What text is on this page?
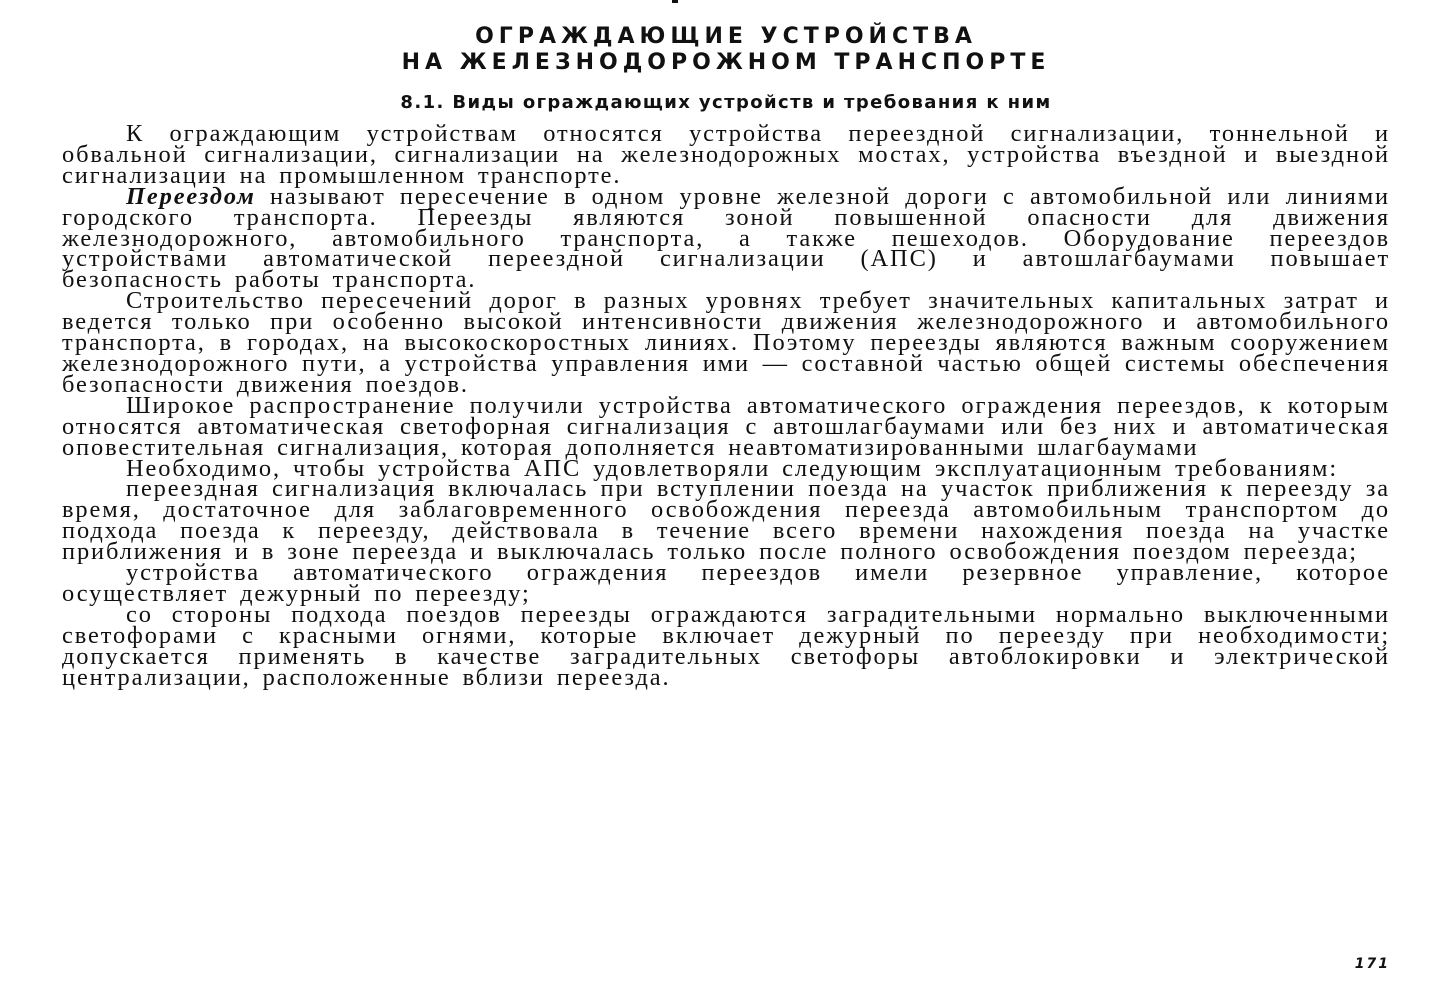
ОГРАЖДАЮЩИЕ УСТРОЙСТВА
НА ЖЕЛЕЗНОДОРОЖНОМ ТРАНСПОРТЕ
8.1. Виды ограждающих устройств и требования к ним

К ограждающим устройствам относятся устройства переездной сигнализации, тоннельной и обвальной сигнализации, сигнализации на железнодорожных мостах, устройства въездной и выездной сигнализации на промышленном транспорте.

Переездом называют пересечение в одном уровне железной дороги с автомобильной или линиями городского транспорта. Переезды являются зоной повышенной опасности для движения железнодорожного, автомобильного транспорта, а также пешеходов. Оборудование переездов устройствами автоматической переездной сигнализации (АПС) и автошлагбаумами повышает безопасность работы транспорта.

Строительство пересечений дорог в разных уровнях требует значительных капитальных затрат и ведется только при особенно высокой интенсивности движения железнодорожного и автомобильного транспорта, в городах, на высокоскоростных линиях. Поэтому переезды являются важным сооружением железнодорожного пути, а устройства управления ими — составной частью общей системы обеспечения безопасности движения поездов.

Широкое распространение получили устройства автоматического ограждения переездов, к которым относятся автоматическая светофорная сигнализация с автошлагбаумами или без них и автоматическая оповестительная сигнализация, которая дополняется неавтоматизированными шлагбаумами

Необходимо, чтобы устройства АПС удовлетворяли следующим эксплуатационным требованиям:

переездная сигнализация включалась при вступлении поезда на участок приближения к переезду за время, достаточное для заблаговременного освобождения переезда автомобильным транспортом до подхода поезда к переезду, действовала в течение всего времени нахождения поезда на участке приближения и в зоне переезда и выключалась только после полного освобождения поездом переезда;

устройства автоматического ограждения переездов имели резервное управление, которое осуществляет дежурный по переезду;

со стороны подхода поездов переезды ограждаются заградительными нормально выключенными светофорами с красными огнями, которые включает дежурный по переезду при необходимости; допускается применять в качестве заградительных светофоры автоблокировки и электрической централизации, расположенные вблизи переезда.

171
